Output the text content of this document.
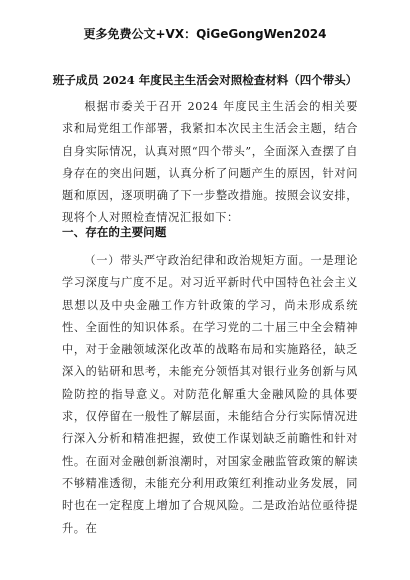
更多免费公文+VX：QiGeGongWen2024
班子成员 2024 年度民主生活会对照检查材料（四个带头）

根据市委关于召开 2024 年度民主生活会的相关要求和局党组工作部署，我紧扣本次民主生活会主题，结合自身实际情况，认真对照“四个带头”，全面深入查摆了自身存在的突出问题，认真分析了问题产生的原因，针对问题和原因，逐项明确了下一步整改措施。按照会议安排，现将个人对照检查情况汇报如下：

一、存在的主要问题

（一）带头严守政治纪律和政治规矩方面。一是理论学习深度与广度不足。对习近平新时代中国特色社会主义思想以及中央金融工作方针政策的学习，尚未形成系统性、全面性的知识体系。在学习党的二十届三中全会精神中，对于金融领域深化改革的战略布局和实施路径，缺乏深入的钻研和思考，未能充分领悟其对银行业务创新与风险防控的指导意义。对防范化解重大金融风险的具体要求，仅停留在一般性了解层面，未能结合分行实际情况进行深入分析和精准把握，致使工作谋划缺乏前瞻性和针对性。在面对金融创新浪潮时，对国家金融监管政策的解读不够精准透彻，未能充分利用政策红利推动业务发展，同时也在一定程度上增加了合规风险。二是政治站位亟待提升。在
